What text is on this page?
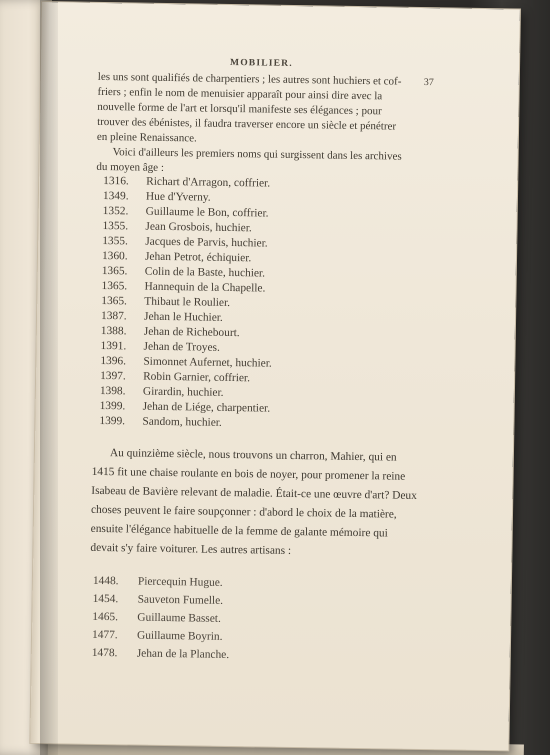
MOBILIER.
37
les uns sont qualifiés de charpentiers ; les autres sont huchiers et cof-
friers ; enfin le nom de menuisier apparaît pour ainsi dire avec la
nouvelle forme de l'art et lorsqu'il manifeste ses élégances ; pour
trouver des ébénistes, il faudra traverser encore un siècle et pénétrer
en pleine Renaissance.
Voici d'ailleurs les premiers noms qui surgissent dans les archives
du moyen âge :
1316. Richart d'Arragon, coffrier.
1349. Hue d'Yverny.
1352. Guillaume le Bon, coffrier.
1355. Jean Grosbois, huchier.
1355. Jacques de Parvis, huchier.
1360. Jehan Petrot, échiquier.
1365. Colin de la Baste, huchier.
1365. Hannequin de la Chapelle.
1365. Thibaut le Roulier.
1387. Jehan le Huchier.
1388. Jehan de Richebourt.
1391. Jehan de Troyes.
1396. Simonnet Aufernet, huchier.
1397. Robin Garnier, coffrier.
1398. Girardin, huchier.
1399. Jehan de Liége, charpentier.
1399. Sandom, huchier.
Au quinzième siècle, nous trouvons un charron, Mahier, qui en
1415 fit une chaise roulante en bois de noyer, pour promener la reine
Isabeau de Bavière relevant de maladie. Était-ce une œuvre d'art? Deux
choses peuvent le faire soupçonner : d'abord le choix de la matière,
ensuite l'élégance habituelle de la femme de galante mémoire qui
devait s'y faire voiturer. Les autres artisans :
1448. Piercequin Hugue.
1454. Sauveton Fumelle.
1465. Guillaume Basset.
1477. Guillaume Boyrin.
1478. Jehan de la Planche.
